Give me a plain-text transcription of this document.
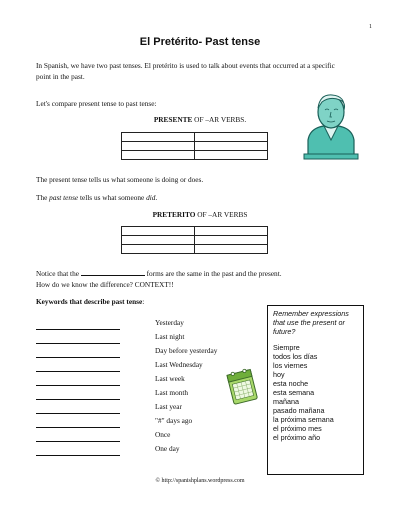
1
El Pretérito- Past tense
In Spanish, we have two past tenses. El pretérito is used to talk about events that occurred at a specific point in the past.
Let's compare present tense to past tense:
PRESENTE OF –AR VERBS.

The present tense tells us what someone is doing or does.
The past tense tells us what someone did.
PRETERITO OF –AR VERBS

Notice that the	forms are the same in the past and the present.
How do we know the difference? CONTEXT!!
Keywords that describe past tense:
Yesterday
Last night
Day before yesterday
Last Wednesday
Last week
Last month
Last year
"#" days ago
Once
One day
Remember expressions that use the present or future?
Siempre
todos los días
los viernes
hoy
esta noche
esta semana
mañana
pasado mañana
la próxima semana
el próximo mes
el próximo año
© http://spanishplans.wordpress.com
